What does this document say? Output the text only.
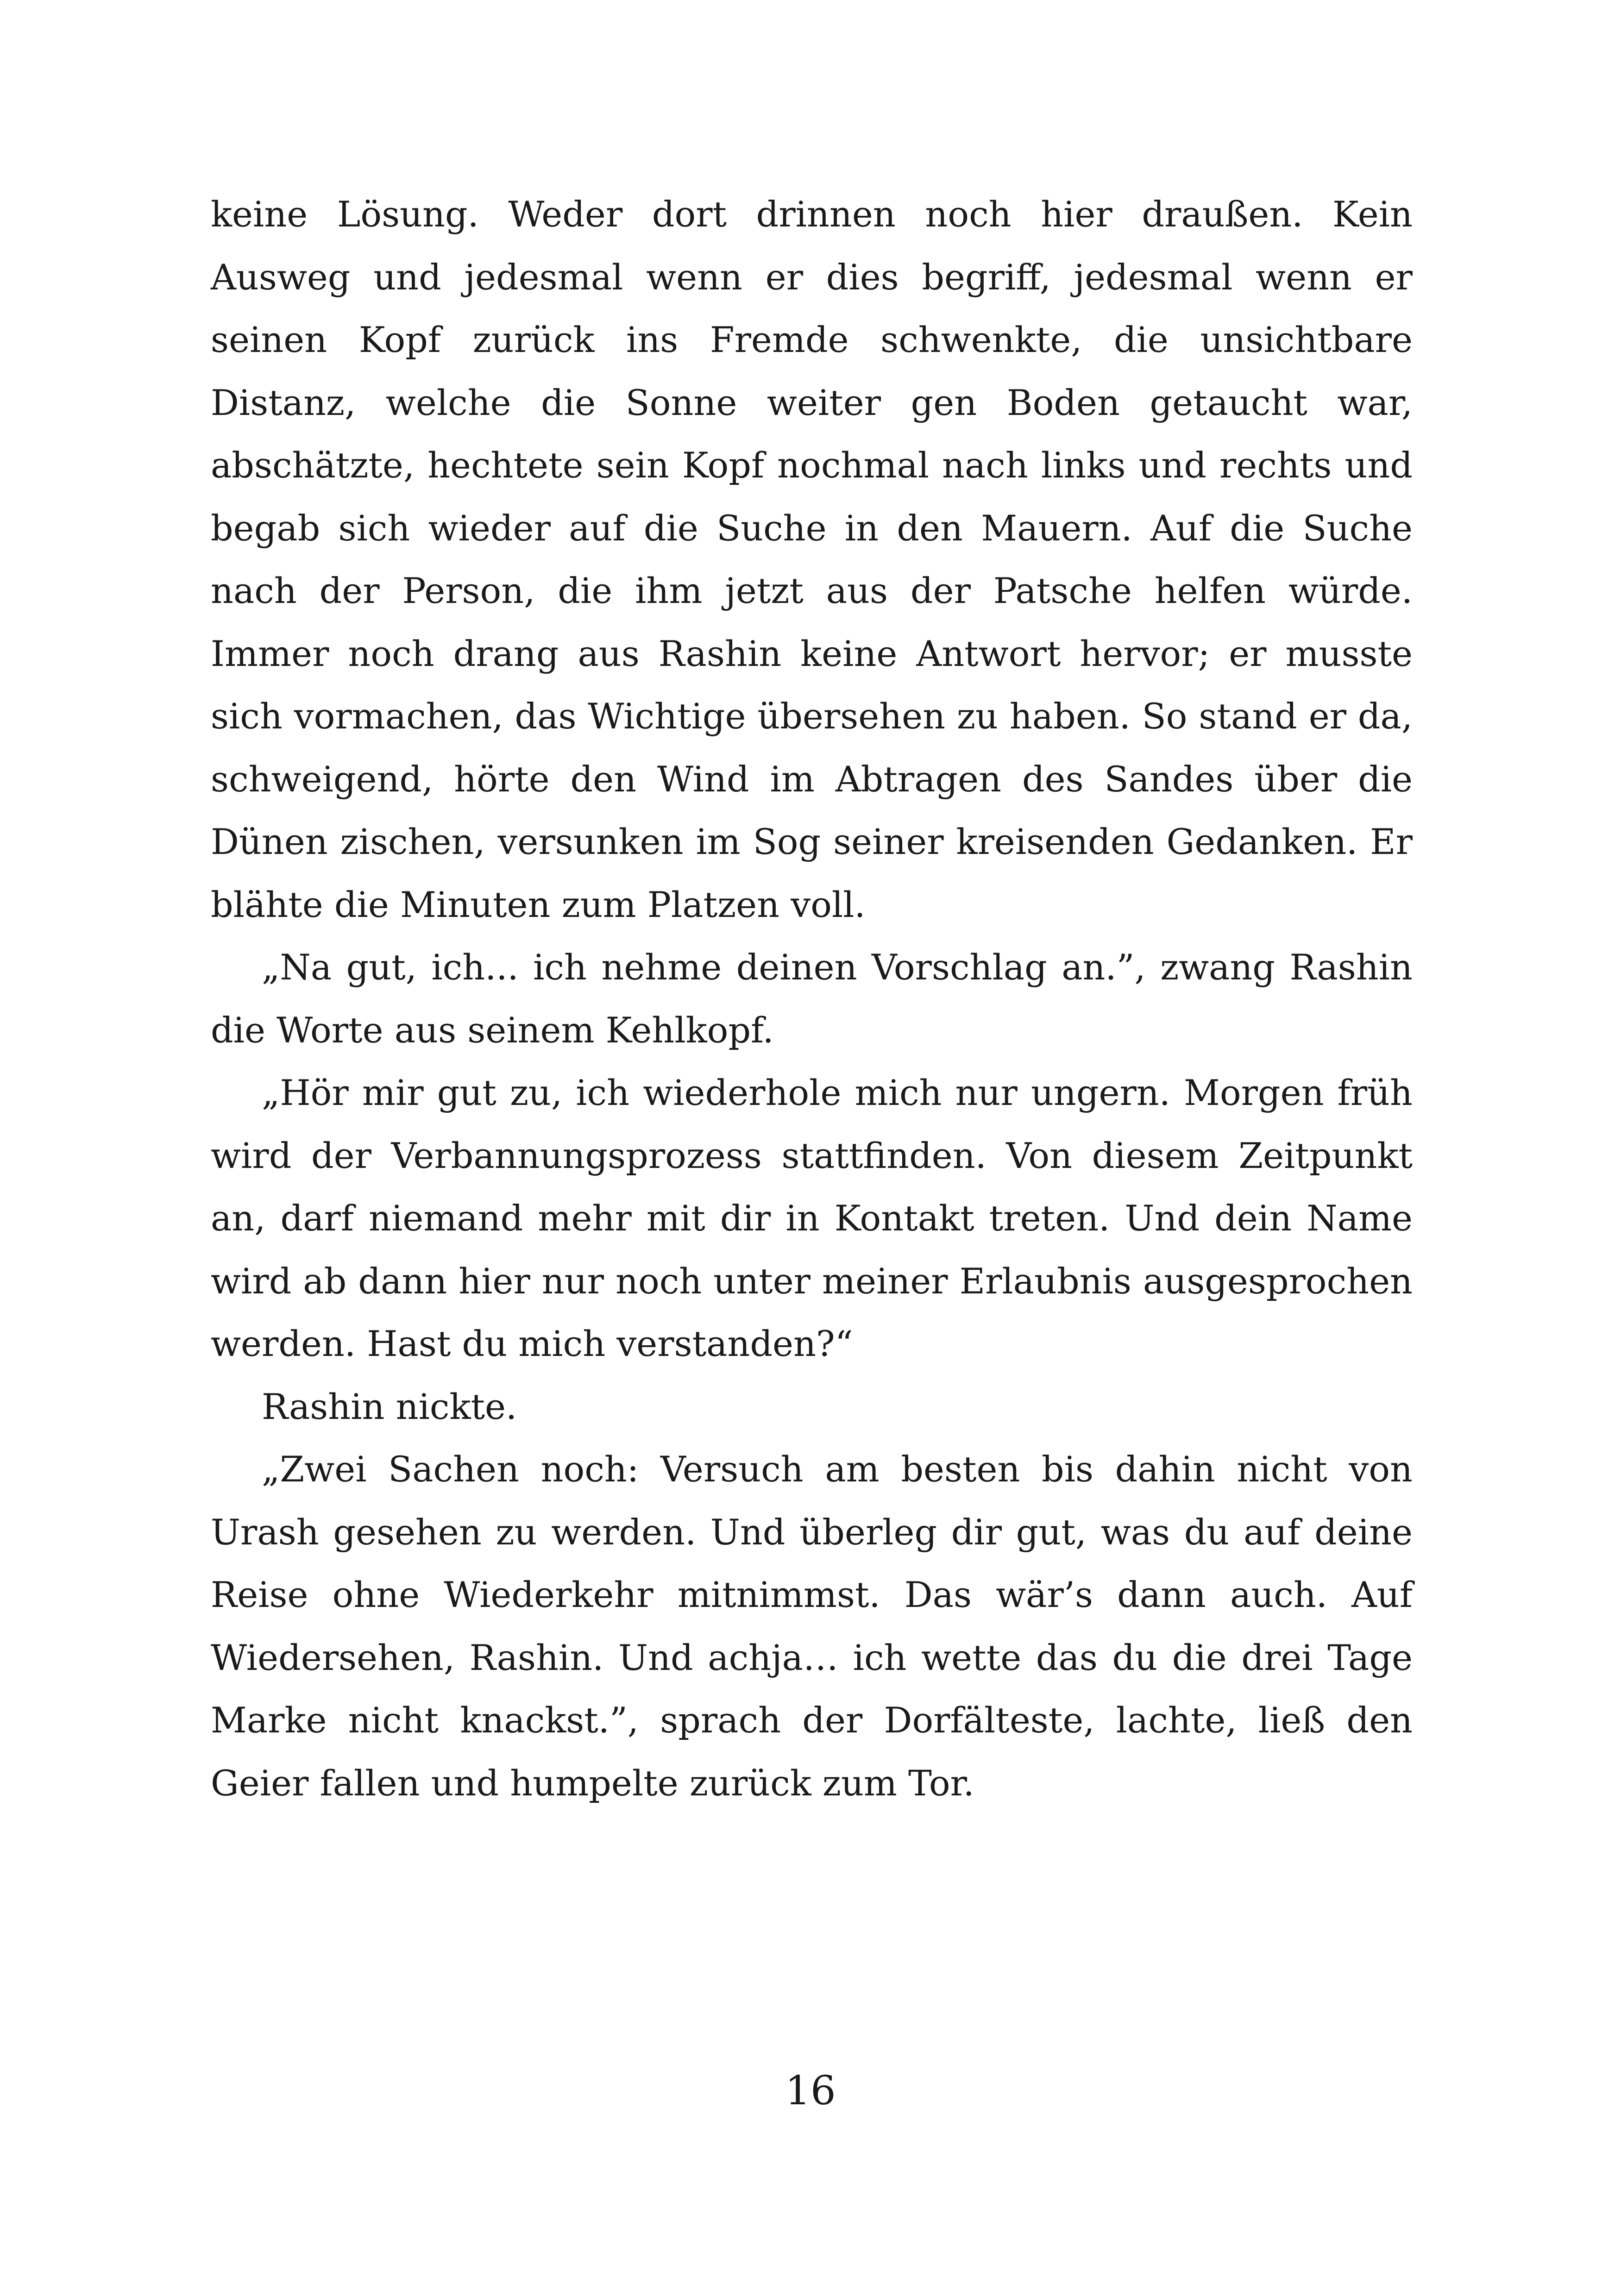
keine Lösung. Weder dort drinnen noch hier draußen. Kein Ausweg und jedesmal wenn er dies begriff, jedesmal wenn er seinen Kopf zurück ins Fremde schwenkte, die unsichtbare Distanz, welche die Sonne weiter gen Boden getaucht war, abschätzte, hechtete sein Kopf nochmal nach links und rechts und begab sich wieder auf die Suche in den Mauern. Auf die Suche nach der Person, die ihm jetzt aus der Patsche helfen würde. Immer noch drang aus Rashin keine Antwort hervor; er musste sich vormachen, das Wichtige übersehen zu haben. So stand er da, schweigend, hörte den Wind im Abtragen des Sandes über die Dünen zischen, versunken im Sog seiner kreisenden Gedanken. Er blähte die Minuten zum Platzen voll.

„Na gut, ich... ich nehme deinen Vorschlag an.”, zwang Rashin die Worte aus seinem Kehlkopf.

„Hör mir gut zu, ich wiederhole mich nur ungern. Morgen früh wird der Verbannungsprozess stattfinden. Von diesem Zeitpunkt an, darf niemand mehr mit dir in Kontakt treten. Und dein Name wird ab dann hier nur noch unter meiner Erlaubnis ausgesprochen werden. Hast du mich verstanden?“

Rashin nickte.

„Zwei Sachen noch: Versuch am besten bis dahin nicht von Urash gesehen zu werden. Und überleg dir gut, was du auf deine Reise ohne Wiederkehr mitnimmst. Das wär’s dann auch. Auf Wiedersehen, Rashin. Und achja… ich wette das du die drei Tage Marke nicht knackst.”, sprach der Dorfälteste, lachte, ließ den Geier fallen und humpelte zurück zum Tor.

16
